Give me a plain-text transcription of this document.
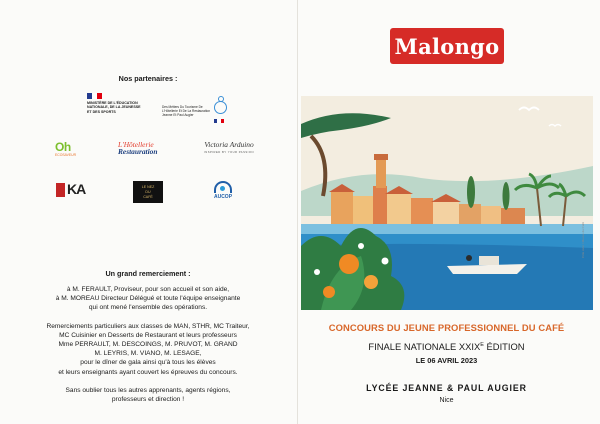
Nos partenaires :
MINISTÈRE DE L'ÉDUCATION NATIONALE, DE LA JEUNESSE ET DES SPORTS
Des Métiers Du Tourisme De L'Hôtellerie Et De La Restauration Jeanne Et Paul Augier
Oh
ECOSAVEUR
L'Hôtellerie
Restauration
Victoria Arduino
INSPIRED BY YOUR PASSION
KA	LE NEZ
DU
CAFÉ	AUCOP
Un grand remerciement :

à M. FERAULT, Proviseur, pour son accueil et son aide,

à M. MOREAU Directeur Délégué et toute l'équipe enseignante

qui ont mené l'ensemble des opérations.

Remerciements particuliers aux classes de MAN, STHR, MC Traiteur,

MC Cuisinier en Desserts de Restaurant et leurs professeurs

Mme PERRAULT, M. DESCOINGS, M. PRUVOT, M. GRAND

M. LEYRIS, M. VIANO, M. LESAGE,

pour le dîner de gala ainsi qu'à tous les élèves

et leurs enseignants ayant couvert les épreuves du concours.

Sans oublier tous les autres apprenants, agents régions,

professeurs et direction !

Malongo
Côte Azur / Mauve du Café
CONCOURS DU JEUNE PROFESSIONNEL DU CAFÉ
FINALE NATIONALE $XXIX^E$ ÉDITION
LE 06 AVRIL 2023
LYCÉE JEANNE & PAUL AUGIER
Nice
